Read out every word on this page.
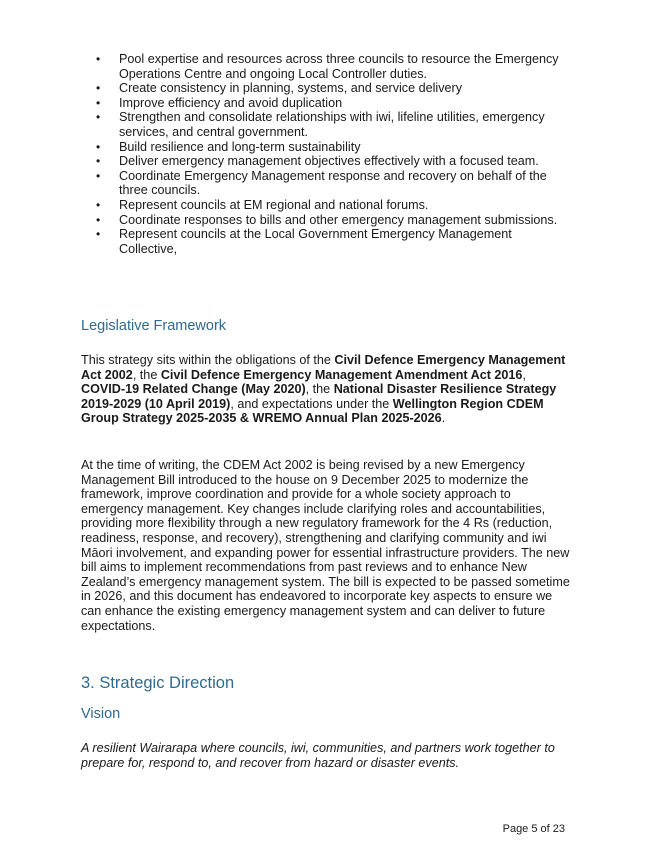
• Pool expertise and resources across three councils to resource the Emergency Operations Centre and ongoing Local Controller duties.
• Create consistency in planning, systems, and service delivery
• Improve efficiency and avoid duplication
• Strengthen and consolidate relationships with iwi, lifeline utilities, emergency services, and central government.
• Build resilience and long-term sustainability
• Deliver emergency management objectives effectively with a focused team.
• Coordinate Emergency Management response and recovery on behalf of the three councils.
• Represent councils at EM regional and national forums.
• Coordinate responses to bills and other emergency management submissions.
• Represent councils at the Local Government Emergency Management Collective,
Legislative Framework

This strategy sits within the obligations of the Civil Defence Emergency Management Act 2002, the Civil Defence Emergency Management Amendment Act 2016, COVID-19 Related Change (May 2020), the National Disaster Resilience Strategy 2019-2029 (10 April 2019), and expectations under the Wellington Region CDEM Group Strategy 2025-2035 & WREMO Annual Plan 2025-2026.

At the time of writing, the CDEM Act 2002 is being revised by a new Emergency Management Bill introduced to the house on 9 December 2025 to modernize the framework, improve coordination and provide for a whole society approach to emergency management. Key changes include clarifying roles and accountabilities, providing more flexibility through a new regulatory framework for the 4 Rs (reduction, readiness, response, and recovery), strengthening and clarifying community and iwi Māori involvement, and expanding power for essential infrastructure providers. The new bill aims to implement recommendations from past reviews and to enhance New Zealand’s emergency management system. The bill is expected to be passed sometime in 2026, and this document has endeavored to incorporate key aspects to ensure we can enhance the existing emergency management system and can deliver to future expectations.

3. Strategic Direction
Vision

A resilient Wairarapa where councils, iwi, communities, and partners work together to prepare for, respond to, and recover from hazard or disaster events.

Page 5 of 23
